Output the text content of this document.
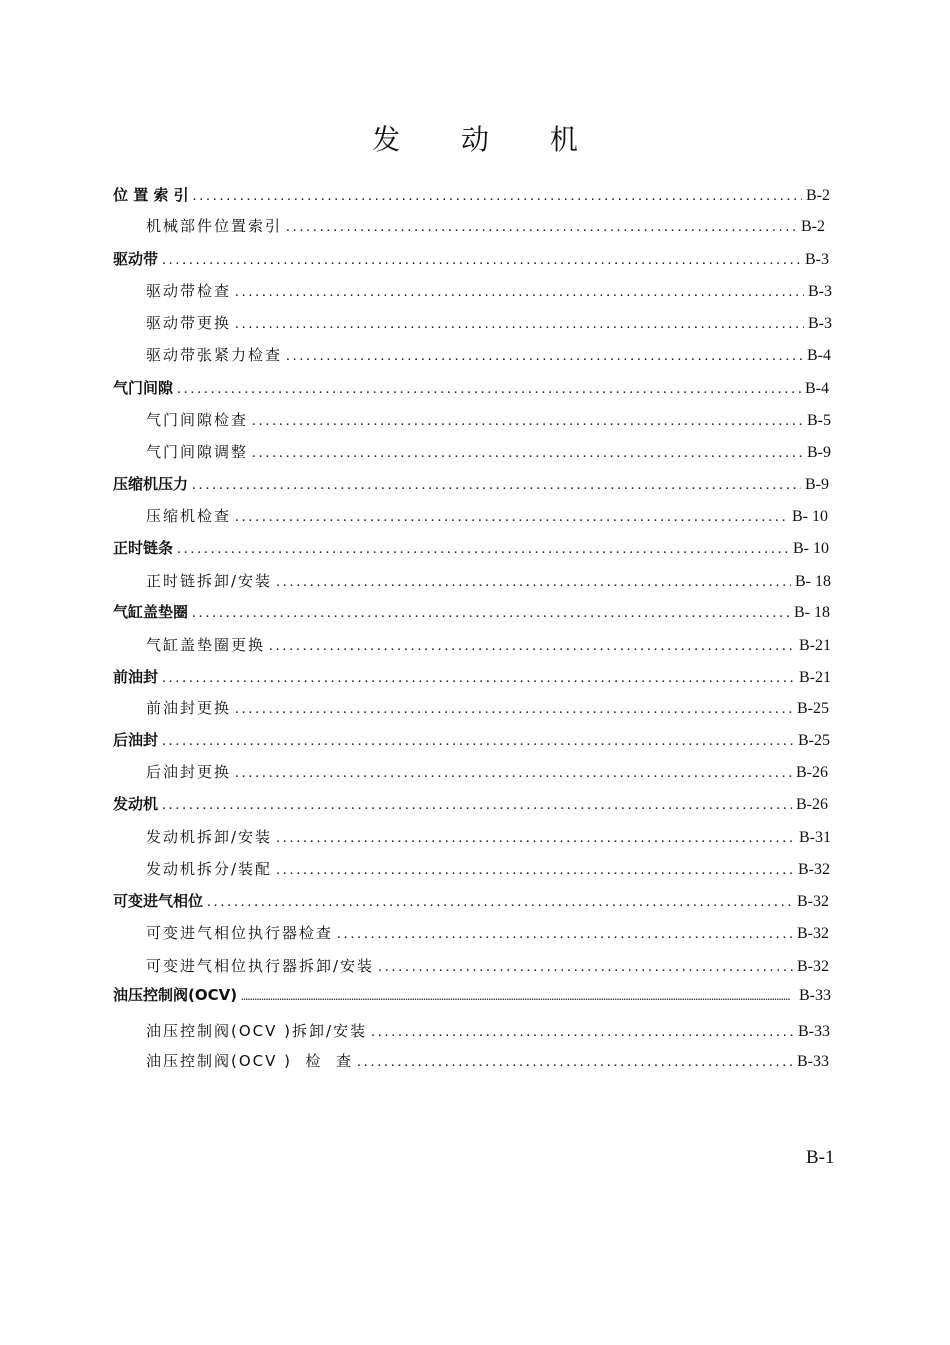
发 动 机
位 置 索 引 .....	B-2
机械部件位置索引 .....	B-2
驱动带 .....	B-3
驱动带检查 .....	B-3
驱动带更换 .....	B-3
驱动带张紧力检查 .....	B-4
气门间隙 .....	B-4
气门间隙检查 .....	B-5
气门间隙调整 .....	B-9
压缩机压力 .....	B-9
压缩机检查 .....	B- 10
正时链条 .....	B- 10
正时链拆卸/安装 .....	B- 18
气缸盖垫圈 .....	B- 18
气缸盖垫圈更换 .....	B-21
前油封 .....	B-21
前油封更换 .....	B-25
后油封 .....	B-25
后油封更换 .....	B-26
发动机 .....	B-26
发动机拆卸/安装 .....	B-31
发动机拆分/装配 .....	B-32
可变进气相位 .....	B-32
可变进气相位执行器检查 .....	B-32
可变进气相位执行器拆卸/安装 .....	B-32
油压控制阀(OCV) .....	B-33
油压控制阀(OCV )拆卸/安装 .....	B-33
油压控制阀(OCV )  检  查 .....	B-33
B-1
